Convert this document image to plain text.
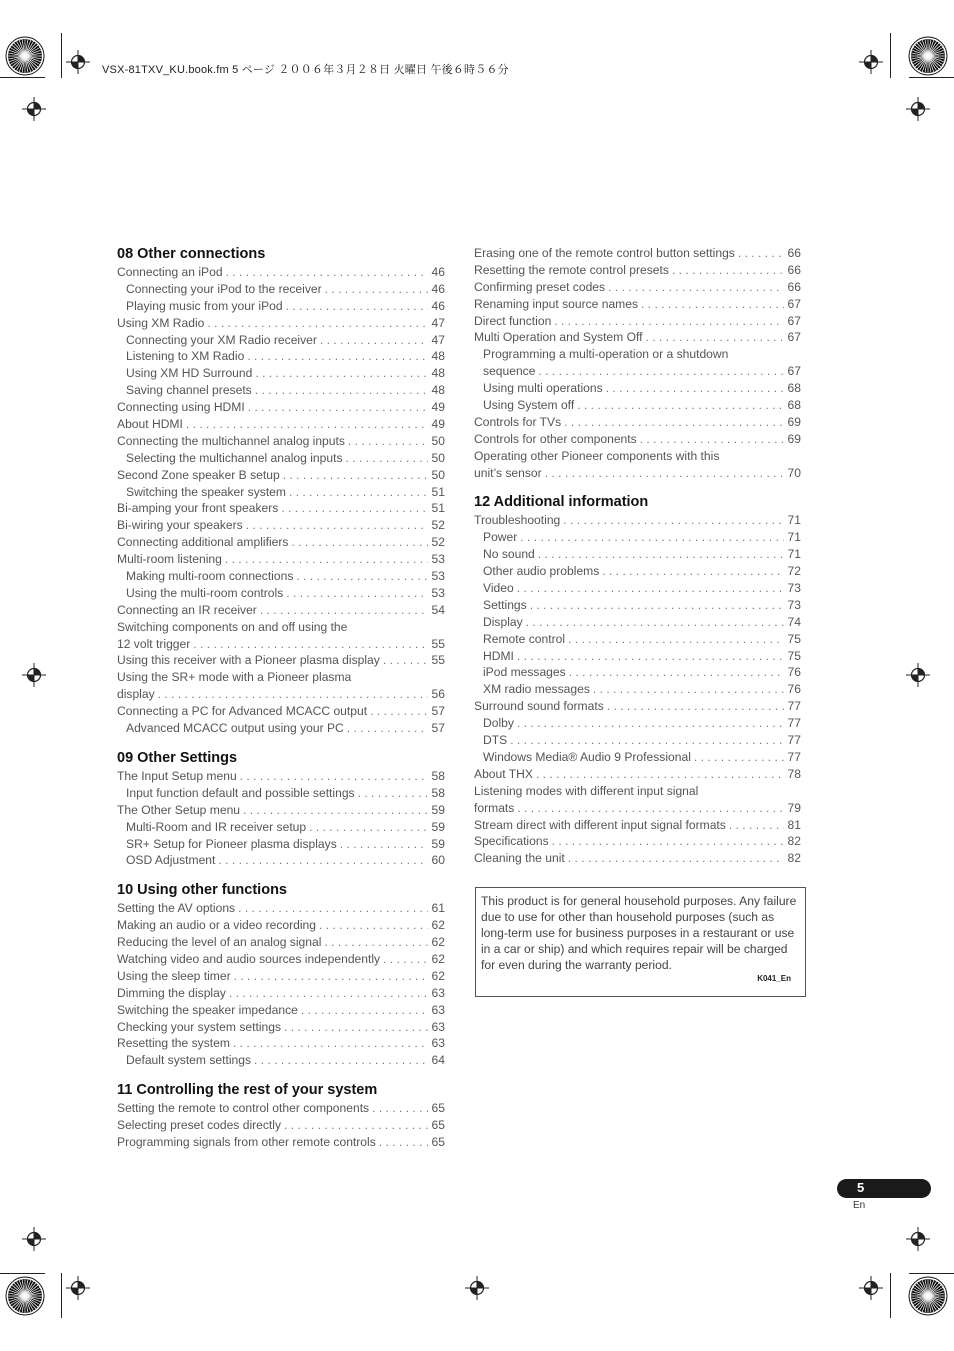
VSX-81TXV_KU.book.fm 5 ページ ２００６年３月２８日 火曜日 午後６時５６分
08 Other connections
Connecting an iPod . . .	46
Connecting your iPod to the receiver . . .	46
Playing music from your iPod . . .	46
Using XM Radio . . .	47
Connecting your XM Radio receiver . . .	47
Listening to XM Radio . . .	48
Using XM HD Surround . . .	48
Saving channel presets . . .	48
Connecting using HDMI . . .	49
About HDMI . . .	49
Connecting the multichannel analog inputs . . .	50
Selecting the multichannel analog inputs . . .	50
Second Zone speaker B setup . . .	50
Switching the speaker system . . .	51
Bi-amping your front speakers . . .	51
Bi-wiring your speakers . . .	52
Connecting additional amplifiers . . .	52
Multi-room listening . . .	53
Making multi-room connections . . .	53
Using the multi-room controls . . .	53
Connecting an IR receiver . . .	54
Switching components on and off using the
12 volt trigger . . .	55
Using this receiver with a Pioneer plasma display . . .	55
Using the SR+ mode with a Pioneer plasma
display . . .	56
Connecting a PC for Advanced MCACC output . . .	57
Advanced MCACC output using your PC . . .	57
09 Other Settings
The Input Setup menu . . .	58
Input function default and possible settings . . .	58
The Other Setup menu . . .	59
Multi-Room and IR receiver setup . . .	59
SR+ Setup for Pioneer plasma displays . . .	59
OSD Adjustment . . .	60
10 Using other functions
Setting the AV options . . .	61
Making an audio or a video recording . . .	62
Reducing the level of an analog signal . . .	62
Watching video and audio sources independently . . .	62
Using the sleep timer . . .	62
Dimming the display . . .	63
Switching the speaker impedance . . .	63
Checking your system settings . . .	63
Resetting the system . . .	63
Default system settings . . .	64
11 Controlling the rest of your system
Setting the remote to control other components . . .	65
Selecting preset codes directly . . .	65
Programming signals from other remote controls . . .	65
Erasing one of the remote control button settings . . .	66
Resetting the remote control presets . . .	66
Confirming preset codes . . .	66
Renaming input source names . . .	67
Direct function . . .	67
Multi Operation and System Off . . .	67
Programming a multi-operation or a shutdown
sequence . . .	67
Using multi operations . . .	68
Using System off . . .	68
Controls for TVs . . .	69
Controls for other components . . .	69
Operating other Pioneer components with this
unit’s sensor . . .	70
12 Additional information
Troubleshooting . . .	71
Power . . .	71
No sound . . .	71
Other audio problems . . .	72
Video . . .	73
Settings . . .	73
Display . . .	74
Remote control . . .	75
HDMI . . .	75
iPod messages . . .	76
XM radio messages . . .	76
Surround sound formats . . .	77
Dolby . . .	77
DTS . . .	77
Windows Media® Audio 9 Professional . . .	77
About THX . . .	78
Listening modes with different input signal
formats . . .	79
Stream direct with different input signal formats . . .	81
Specifications . . .	82
Cleaning the unit . . .	82
This product is for general household purposes. Any failure due to use for other than household purposes (such as long-term use for business purposes in a restaurant or use in a car or ship) and which requires repair will be charged for even during the warranty period.
K041_En
5
En
